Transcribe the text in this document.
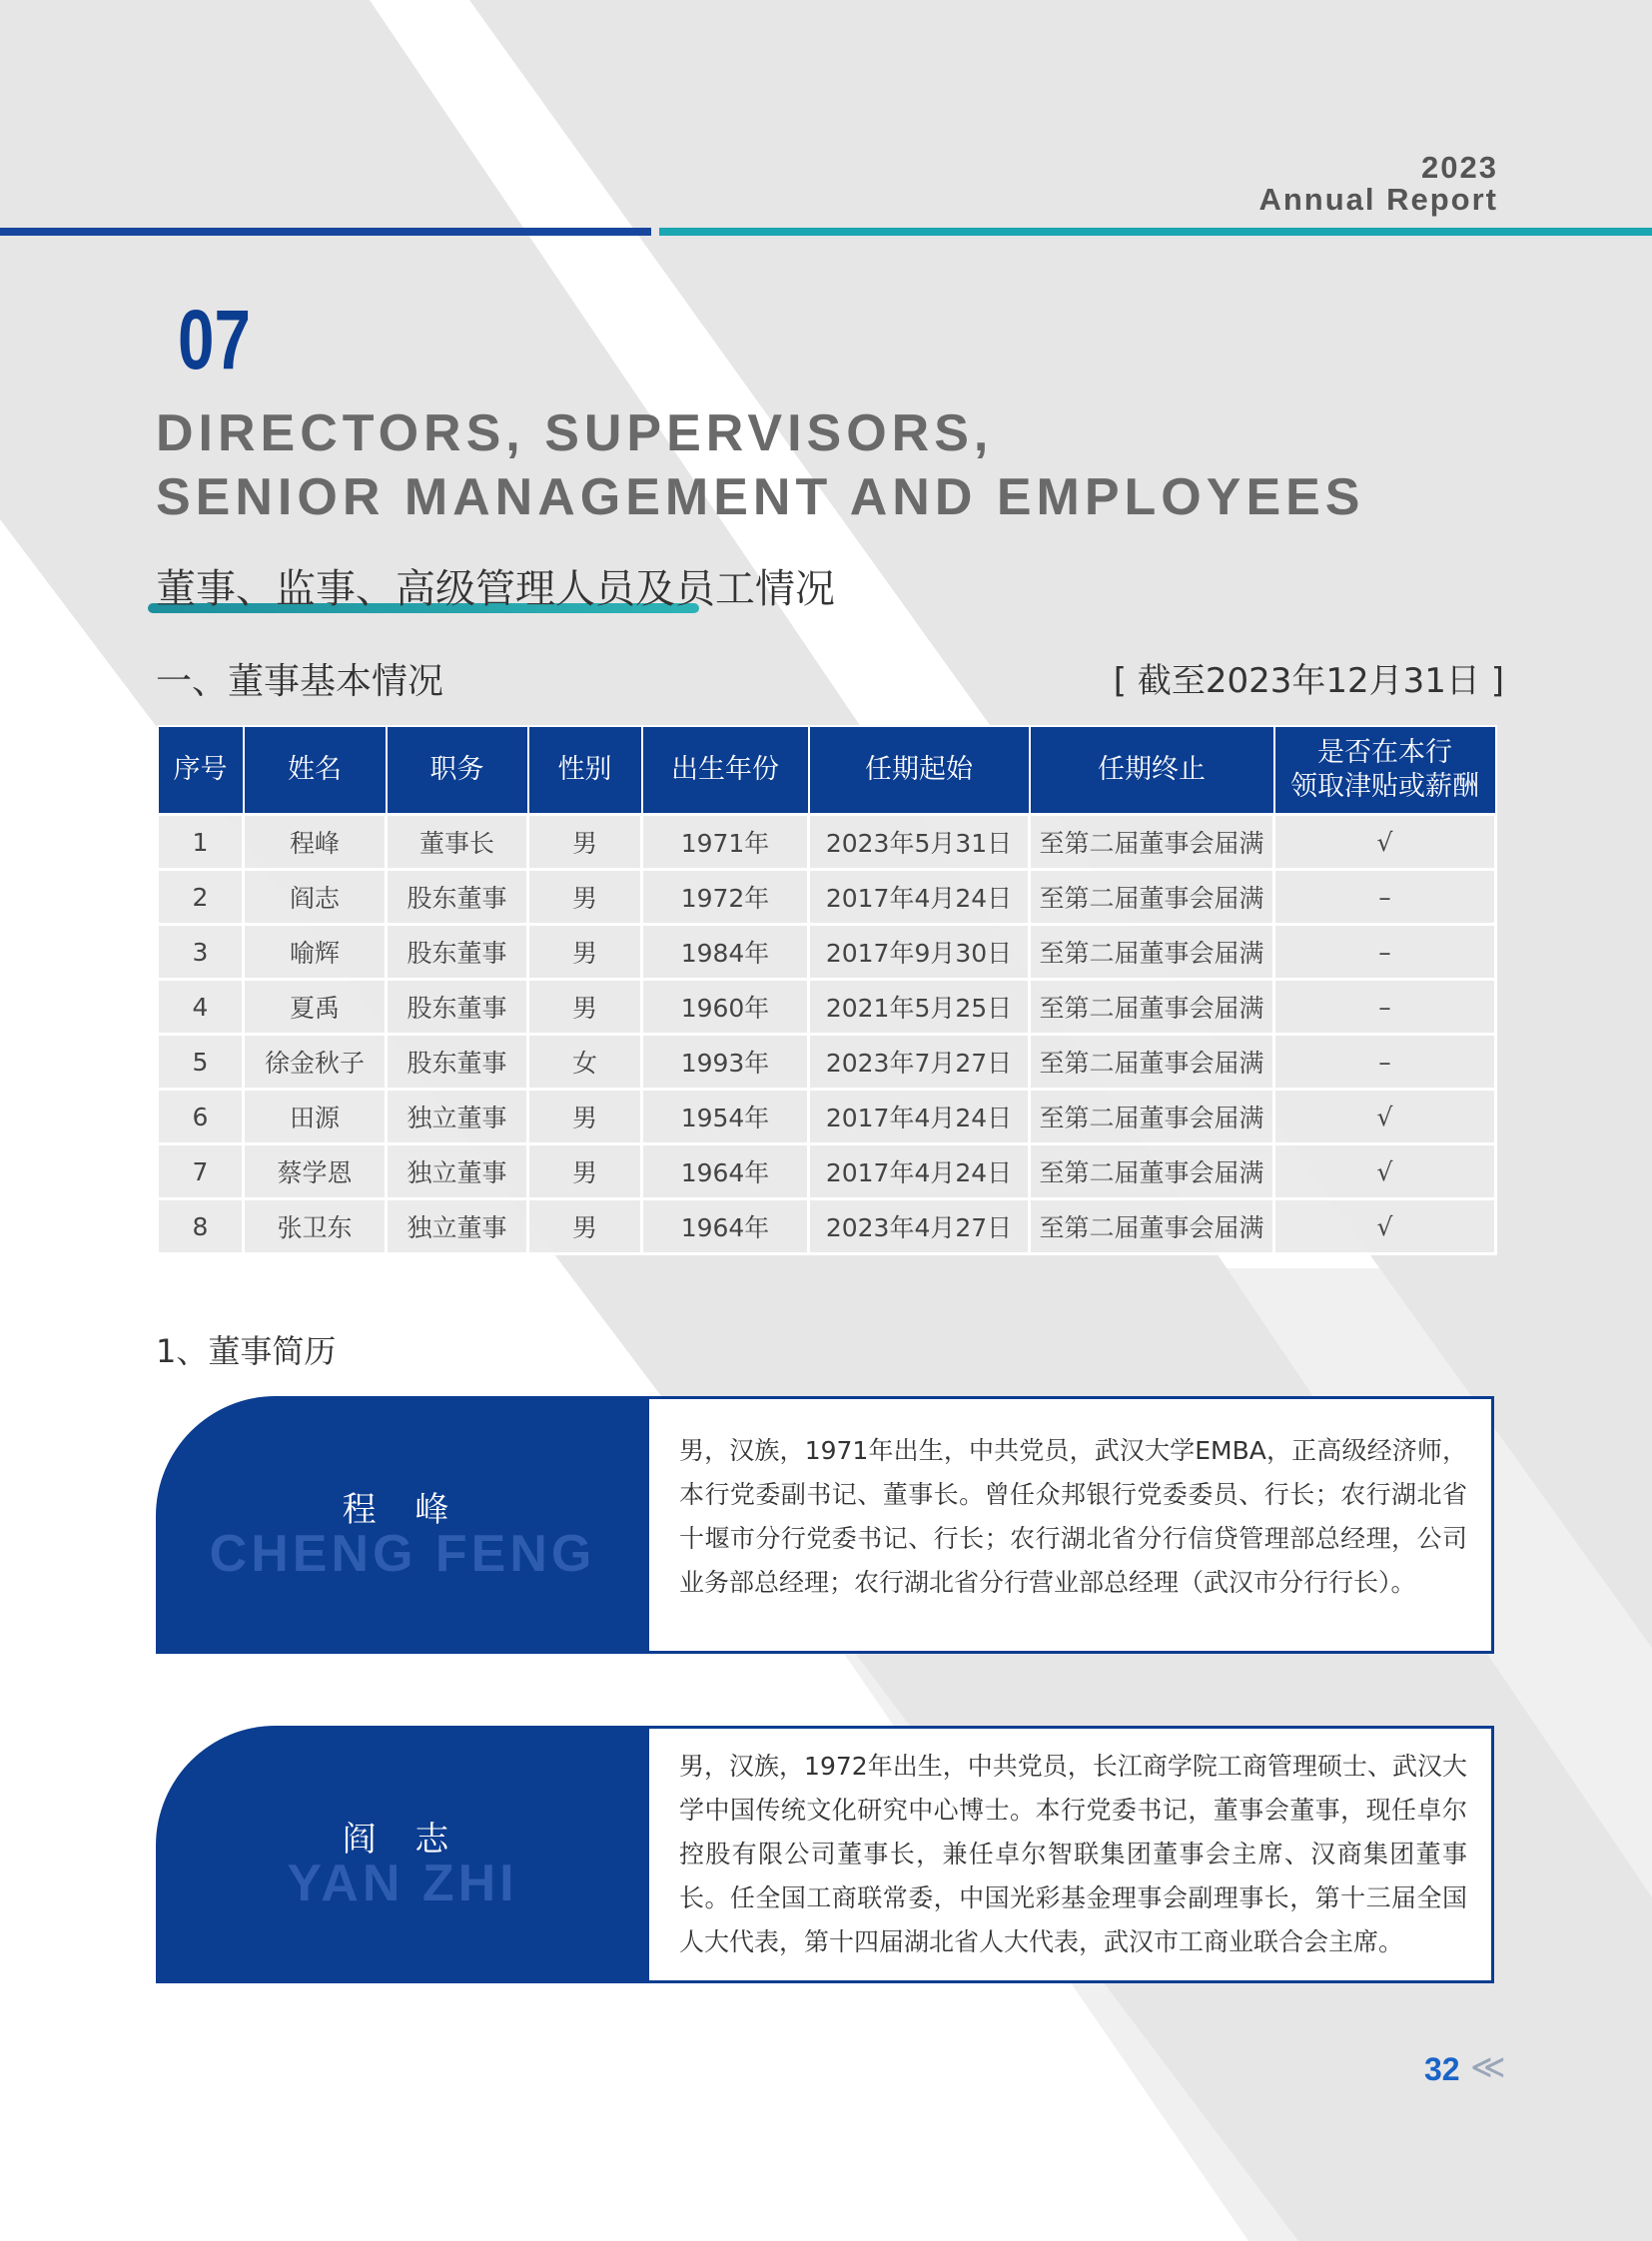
2023
Annual Report
07
DIRECTORS, SUPERVISORS,
SENIOR MANAGEMENT AND EMPLOYEES
董事、监事、高级管理人员及员工情况
一、董事基本情况	[ 截至2023年12月31日 ]
序号	姓名	职务	性别	出生年份	任期起始	任期终止	是否在本行
领取津贴或薪酬

1	程峰	董事长	男	1971年	2023年5月31日	至第二届董事会届满	√
2	阎志	股东董事	男	1972年	2017年4月24日	至第二届董事会届满	–
3	喻辉	股东董事	男	1984年	2017年9月30日	至第二届董事会届满	–
4	夏禹	股东董事	男	1960年	2021年5月25日	至第二届董事会届满	–
5	徐金秋子	股东董事	女	1993年	2023年7月27日	至第二届董事会届满	–
6	田源	独立董事	男	1954年	2017年4月24日	至第二届董事会届满	√
7	蔡学恩	独立董事	男	1964年	2017年4月24日	至第二届董事会届满	√
8	张卫东	独立董事	男	1964年	2023年4月27日	至第二届董事会届满	√
1、董事简历
CHENG FENG
程 峰

男，汉族，1971年出生，中共党员，武汉大学EMBA，正高级经济师，本行党委副书记、董事长。曾任众邦银行党委委员、行长；农行湖北省十堰市分行党委书记、行长；农行湖北省分行信贷管理部总经理，公司业务部总经理；农行湖北省分行营业部总经理（武汉市分行行长）。

YAN ZHI
阎 志

男，汉族，1972年出生，中共党员，长江商学院工商管理硕士、武汉大学中国传统文化研究中心博士。本行党委书记，董事会董事，现任卓尔控股有限公司董事长，兼任卓尔智联集团董事会主席、汉商集团董事长。任全国工商联常委，中国光彩基金理事会副理事长，第十三届全国人大代表，第十四届湖北省人大代表，武汉市工商业联合会主席。

32 ≪
